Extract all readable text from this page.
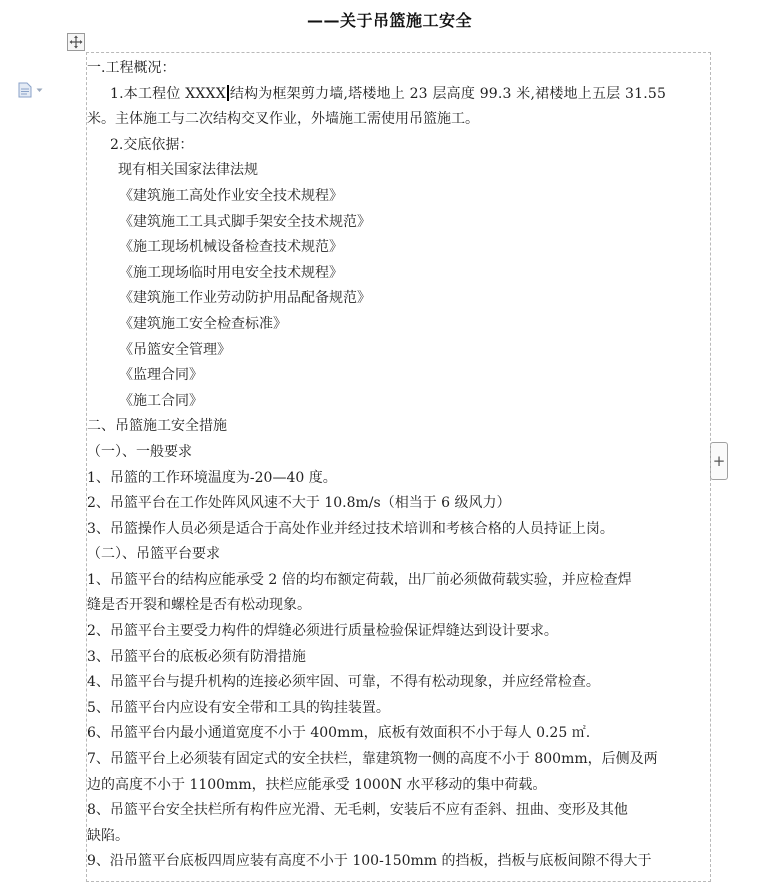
——关于吊篮施工安全
+
一.工程概况：
1.本工程位 XXXX 结构为框架剪力墙,塔楼地上 23 层高度 99.3 米,裙楼地上五层 31.55
米。主体施工与二次结构交叉作业，外墙施工需使用吊篮施工。
2.交底依据：
现有相关国家法律法规
《建筑施工高处作业安全技术规程》
《建筑施工工具式脚手架安全技术规范》
《施工现场机械设备检查技术规范》
《施工现场临时用电安全技术规程》
《建筑施工作业劳动防护用品配备规范》
《建筑施工安全检查标准》
《吊篮安全管理》
《监理合同》
《施工合同》
二、吊篮施工安全措施
（一）、一般要求
1、吊篮的工作环境温度为-20—40 度。
2、吊篮平台在工作处阵风风速不大于 10.8m/s（相当于 6 级风力）
3、吊篮操作人员必须是适合于高处作业并经过技术培训和考核合格的人员持证上岗。
（二）、吊篮平台要求
1、吊篮平台的结构应能承受 2 倍的均布额定荷载，出厂前必须做荷载实验，并应检查焊
缝是否开裂和螺栓是否有松动现象。
2、吊篮平台主要受力构件的焊缝必须进行质量检验保证焊缝达到设计要求。
3、吊篮平台的底板必须有防滑措施
4、吊篮平台与提升机构的连接必须牢固、可靠，不得有松动现象，并应经常检查。
5、吊篮平台内应设有安全带和工具的钩挂装置。
6、吊篮平台内最小通道宽度不小于 400mm，底板有效面积不小于每人 0.25 ㎡.
7、吊篮平台上必须装有固定式的安全扶栏，靠建筑物一侧的高度不小于 800mm，后侧及两
边的高度不小于 1100mm，扶栏应能承受 1000N 水平移动的集中荷载。
8、吊篮平台安全扶栏所有构件应光滑、无毛刺，安装后不应有歪斜、扭曲、变形及其他
缺陷。
9、沿吊篮平台底板四周应装有高度不小于 100-150mm 的挡板，挡板与底板间隙不得大于
